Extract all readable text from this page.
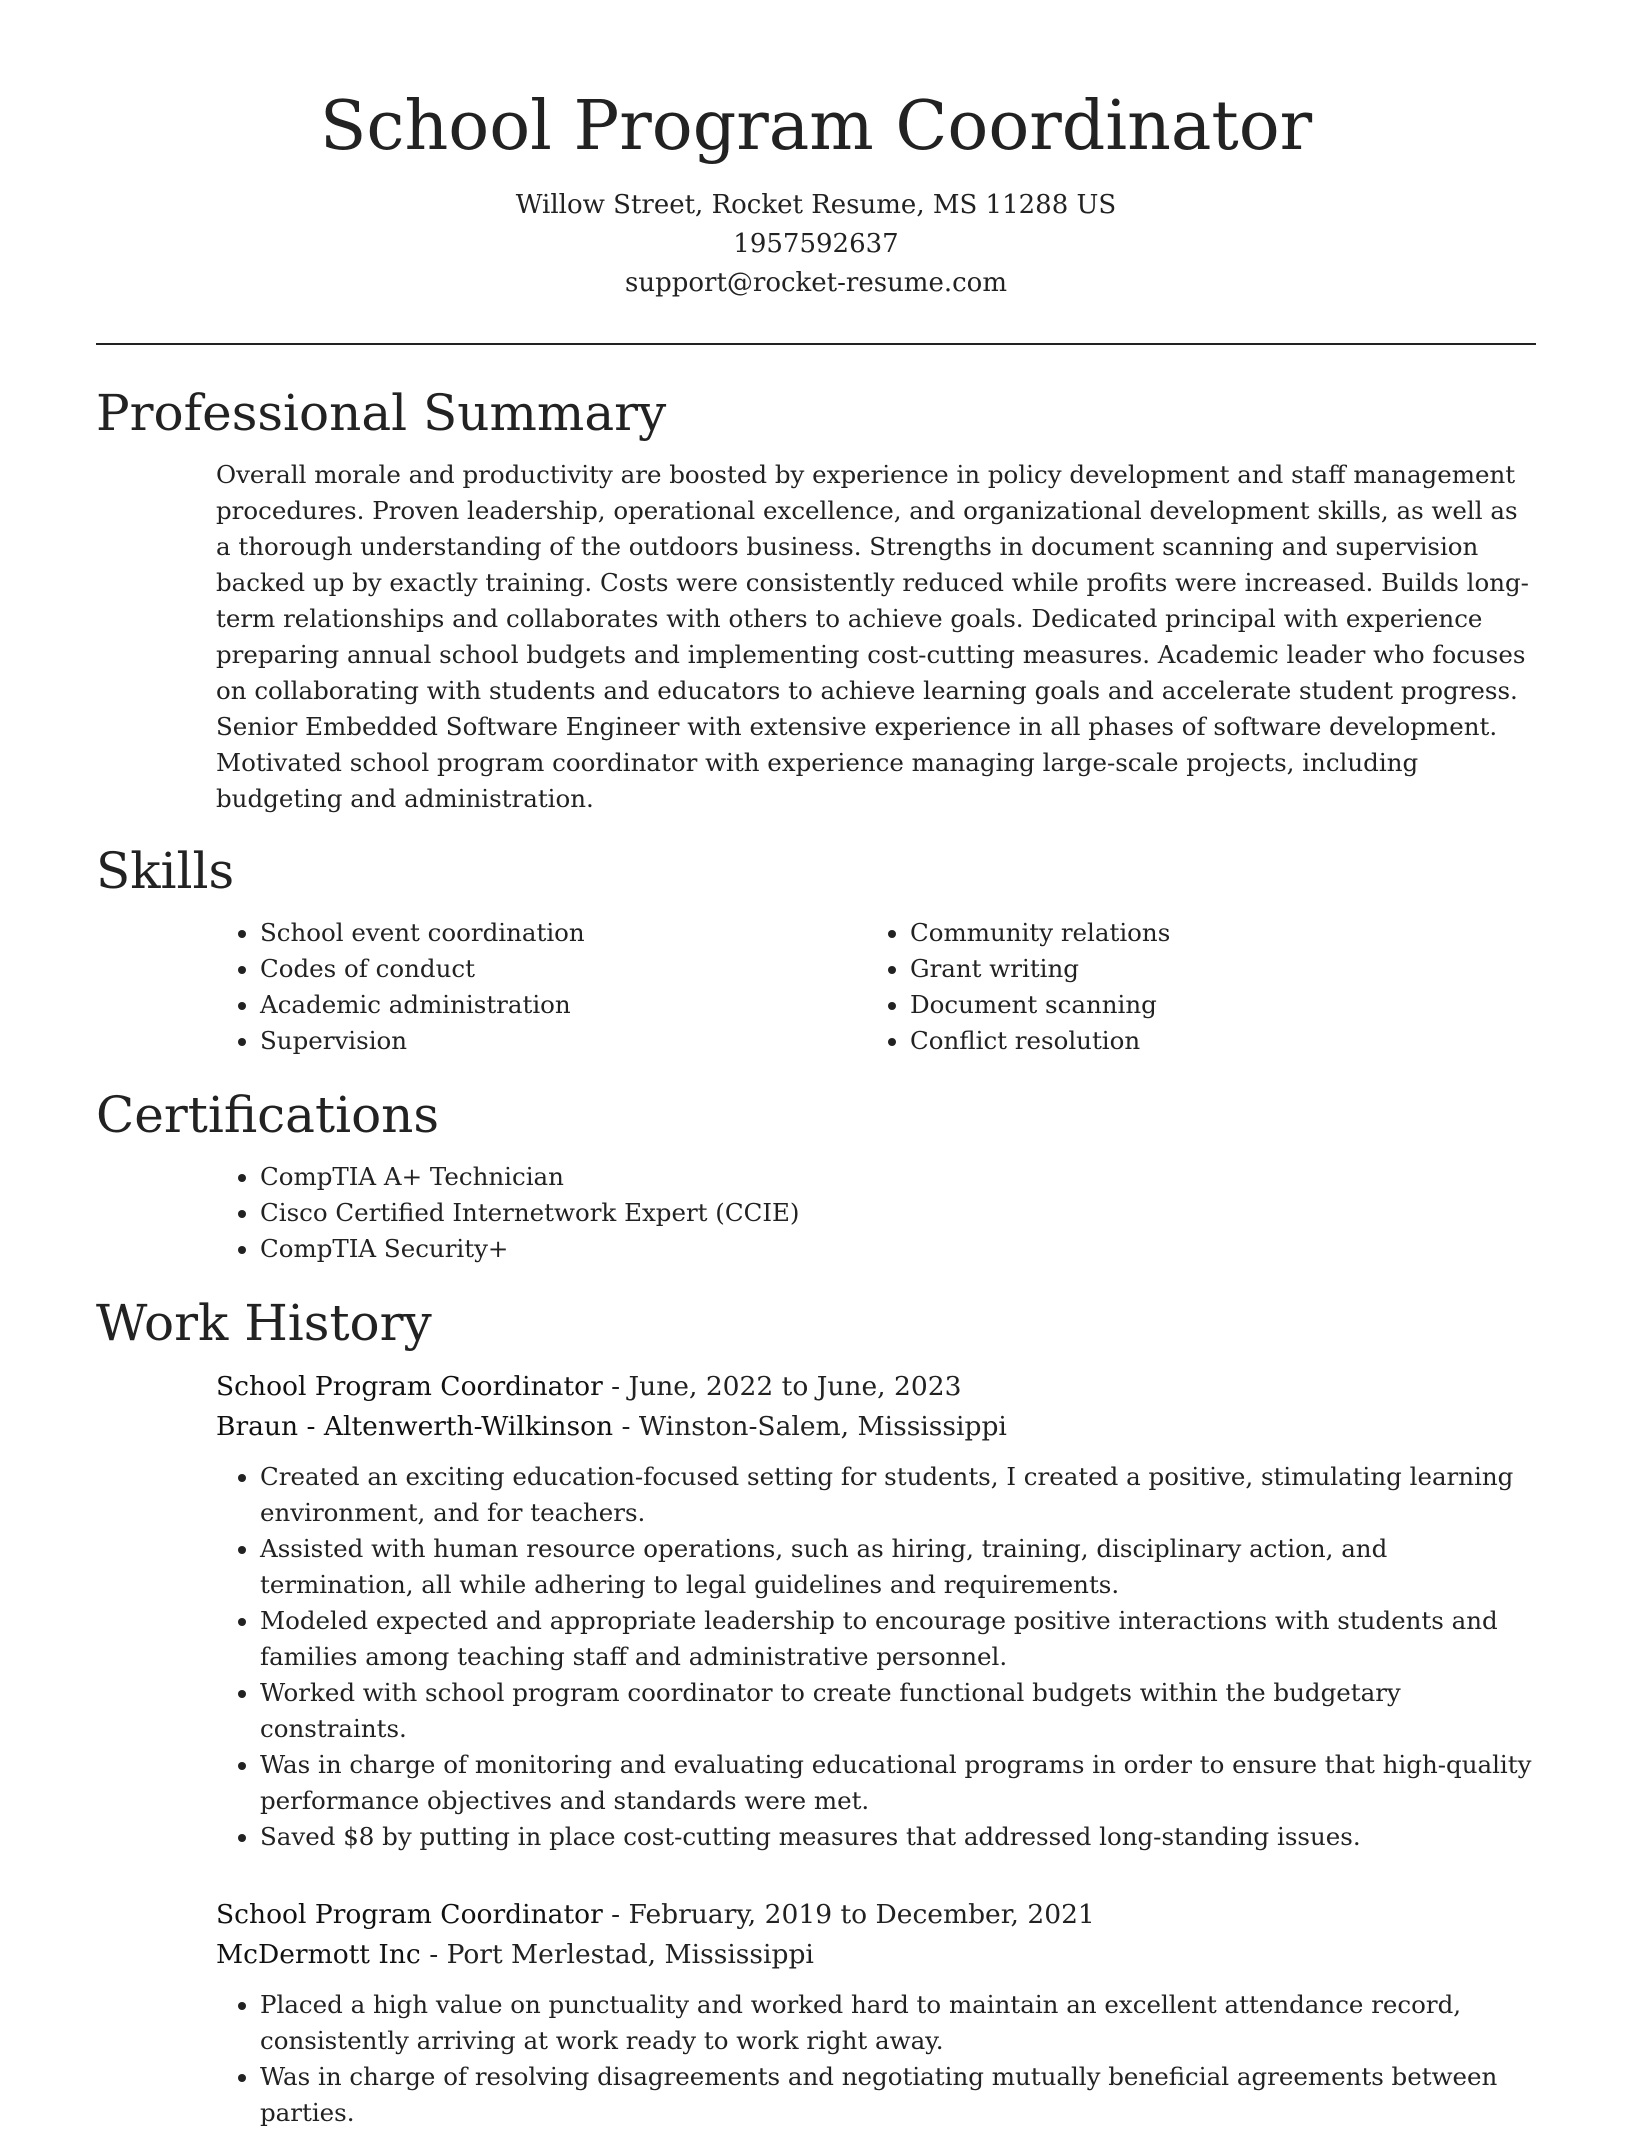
School Program Coordinator

Willow Street, Rocket Resume, MS 11288 US

1957592637

support@rocket-resume.com

Professional Summary

Overall morale and productivity are boosted by experience in policy development and staff management procedures. Proven leadership, operational excellence, and organizational development skills, as well as a thorough understanding of the outdoors business. Strengths in document scanning and supervision backed up by exactly training. Costs were consistently reduced while profits were increased. Builds long-term relationships and collaborates with others to achieve goals. Dedicated principal with experience preparing annual school budgets and implementing cost-cutting measures. Academic leader who focuses on collaborating with students and educators to achieve learning goals and accelerate student progress. Senior Embedded Software Engineer with extensive experience in all phases of software development. Motivated school program coordinator with experience managing large-scale projects, including budgeting and administration.

Skills
• School event coordination
• Codes of conduct
• Academic administration
• Supervision
• Community relations
• Grant writing
• Document scanning
• Conflict resolution
Certifications
• CompTIA A+ Technician
• Cisco Certified Internetwork Expert (CCIE)
• CompTIA Security+
Work History

School Program Coordinator - June, 2022 to June, 2023

Braun - Altenwerth-Wilkinson - Winston-Salem, Mississippi

• Created an exciting education-focused setting for students, I created a positive, stimulating learning environment, and for teachers.
• Assisted with human resource operations, such as hiring, training, disciplinary action, and termination, all while adhering to legal guidelines and requirements.
• Modeled expected and appropriate leadership to encourage positive interactions with students and families among teaching staff and administrative personnel.
• Worked with school program coordinator to create functional budgets within the budgetary constraints.
• Was in charge of monitoring and evaluating educational programs in order to ensure that high-quality performance objectives and standards were met.
• Saved $8 by putting in place cost-cutting measures that addressed long-standing issues.

School Program Coordinator - February, 2019 to December, 2021

McDermott Inc - Port Merlestad, Mississippi

• Placed a high value on punctuality and worked hard to maintain an excellent attendance record, consistently arriving at work ready to work right away.
• Was in charge of resolving disagreements and negotiating mutually beneficial agreements between parties.
